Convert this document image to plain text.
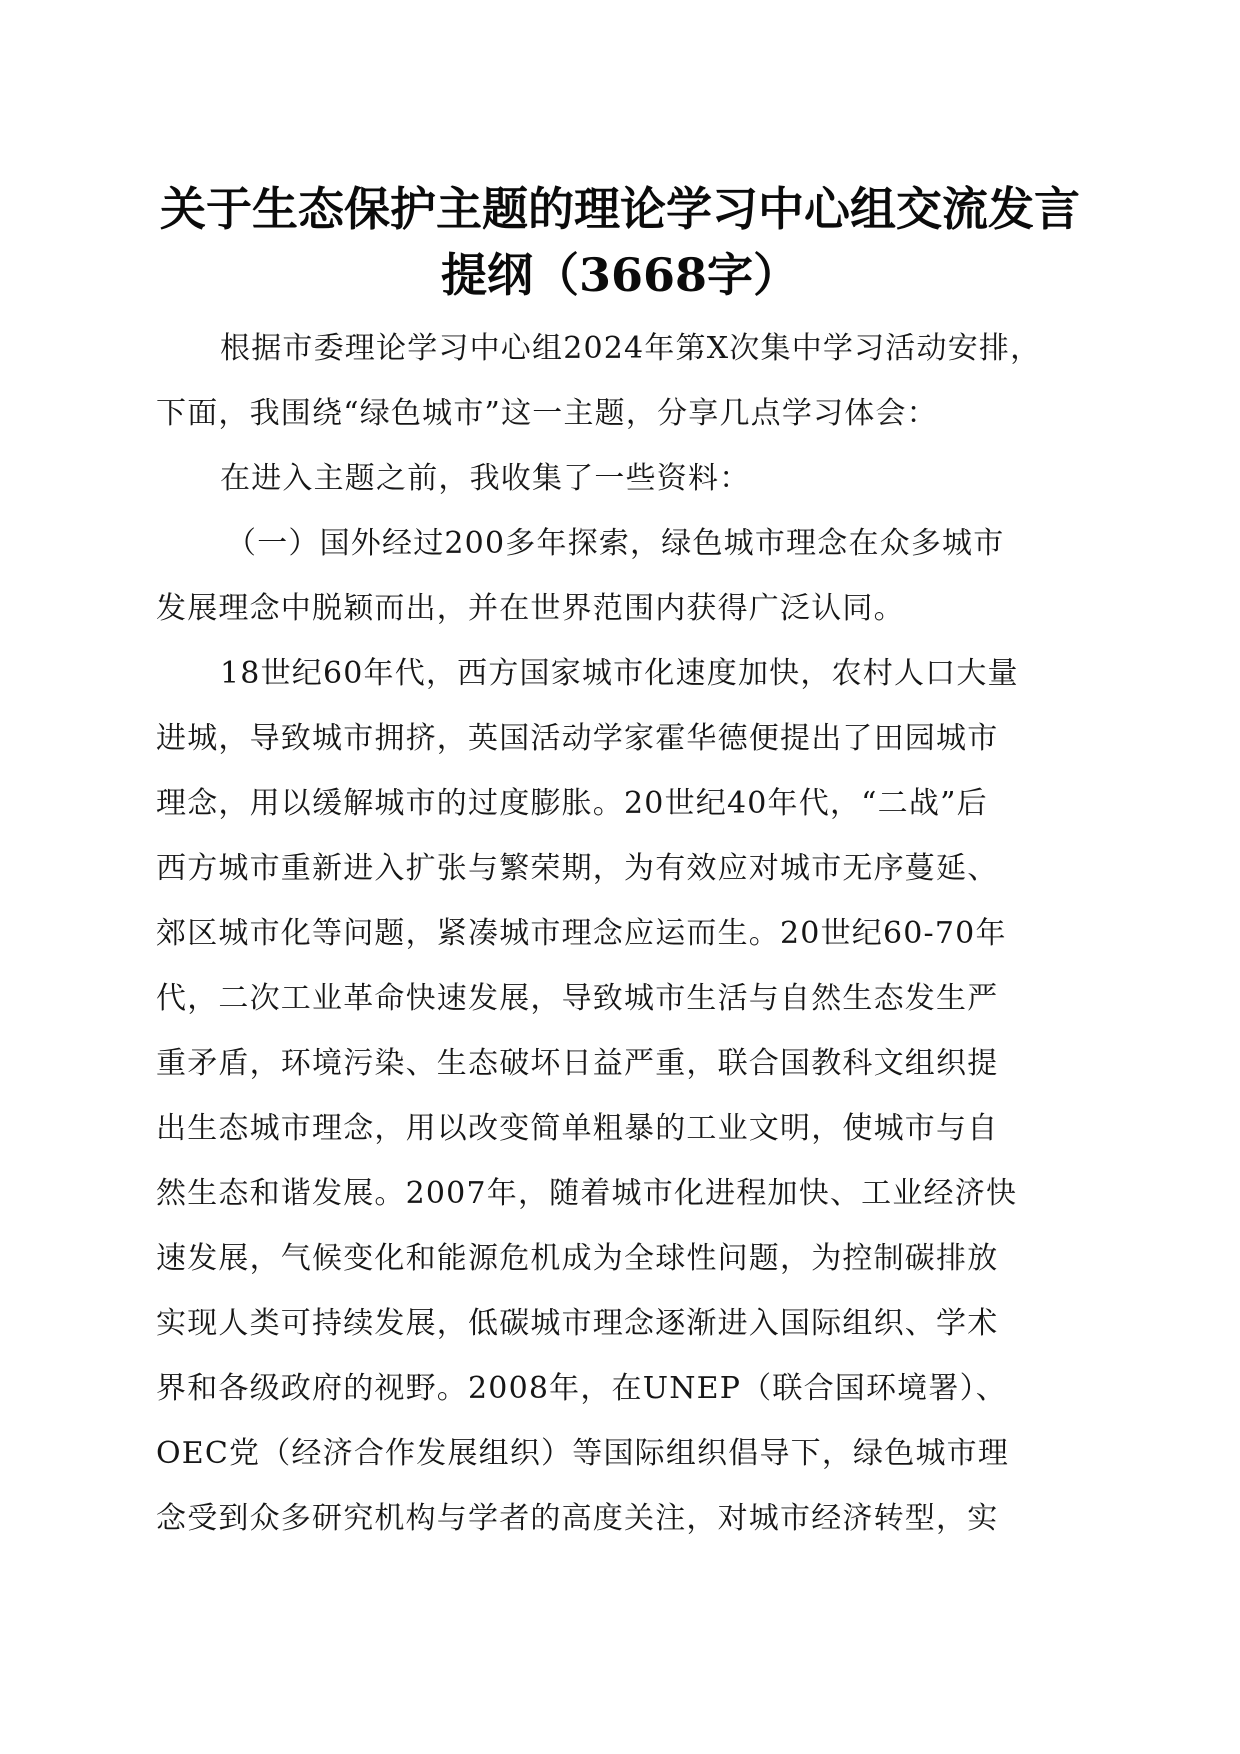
关于生态保护主题的理论学习中心组交流发言
提纲（3668字）
根据市委理论学习中心组2024年第X次集中学习活动安排，
下面，我围绕“绿色城市”这一主题，分享几点学习体会：
在进入主题之前，我收集了一些资料：
（一）国外经过200多年探索，绿色城市理念在众多城市
发展理念中脱颖而出，并在世界范围内获得广泛认同。
18世纪60年代，西方国家城市化速度加快，农村人口大量
进城，导致城市拥挤，英国活动学家霍华德便提出了田园城市
理念，用以缓解城市的过度膨胀。20世纪40年代，“二战”后
西方城市重新进入扩张与繁荣期，为有效应对城市无序蔓延、
郊区城市化等问题，紧凑城市理念应运而生。20世纪60-70年
代，二次工业革命快速发展，导致城市生活与自然生态发生严
重矛盾，环境污染、生态破坏日益严重，联合国教科文组织提
出生态城市理念，用以改变简单粗暴的工业文明，使城市与自
然生态和谐发展。2007年，随着城市化进程加快、工业经济快
速发展，气候变化和能源危机成为全球性问题，为控制碳排放
实现人类可持续发展，低碳城市理念逐渐进入国际组织、学术
界和各级政府的视野。2008年，在UNEP（联合国环境署）、
OEC党（经济合作发展组织）等国际组织倡导下，绿色城市理
念受到众多研究机构与学者的高度关注，对城市经济转型，实
